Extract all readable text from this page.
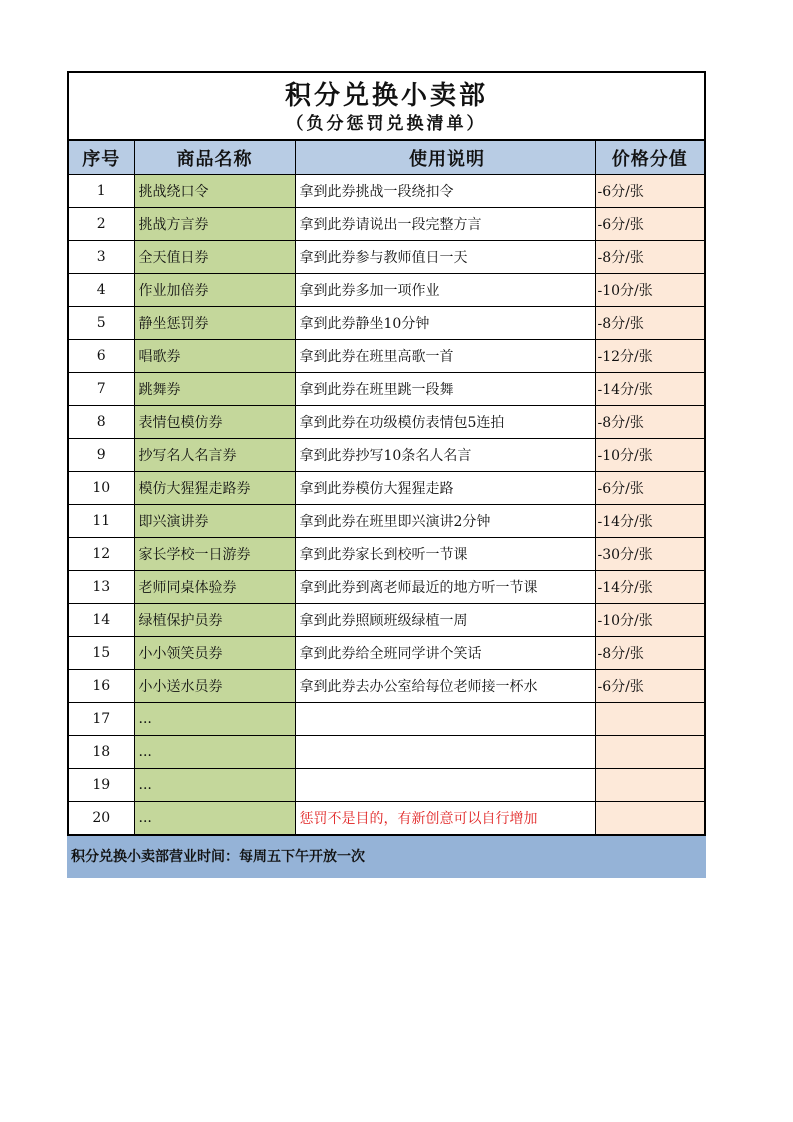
积分兑换小卖部
（负分惩罚兑换清单）
序号	商品名称	使用说明	价格分值
1	挑战绕口令	拿到此券挑战一段绕扣令	-6分/张
2	挑战方言券	拿到此券请说出一段完整方言	-6分/张
3	全天值日券	拿到此券参与教师值日一天	-8分/张
4	作业加倍券	拿到此券多加一项作业	-10分/张
5	静坐惩罚券	拿到此券静坐10分钟	-8分/张
6	唱歌券	拿到此券在班里高歌一首	-12分/张
7	跳舞券	拿到此券在班里跳一段舞	-14分/张
8	表情包模仿券	拿到此券在功级模仿表情包5连拍	-8分/张
9	抄写名人名言券	拿到此券抄写10条名人名言	-10分/张
10	模仿大猩猩走路券	拿到此券模仿大猩猩走路	-6分/张
11	即兴演讲券	拿到此券在班里即兴演讲2分钟	-14分/张
12	家长学校一日游券	拿到此券家长到校听一节课	-30分/张
13	老师同桌体验券	拿到此券到离老师最近的地方听一节课	-14分/张
14	绿植保护员券	拿到此券照顾班级绿植一周	-10分/张
15	小小领笑员券	拿到此券给全班同学讲个笑话	-8分/张
16	小小送水员券	拿到此券去办公室给每位老师接一杯水	-6分/张
17	...		
18	...		
19	...		
20	...	惩罚不是目的，有新创意可以自行增加	
积分兑换小卖部营业时间：每周五下午开放一次
